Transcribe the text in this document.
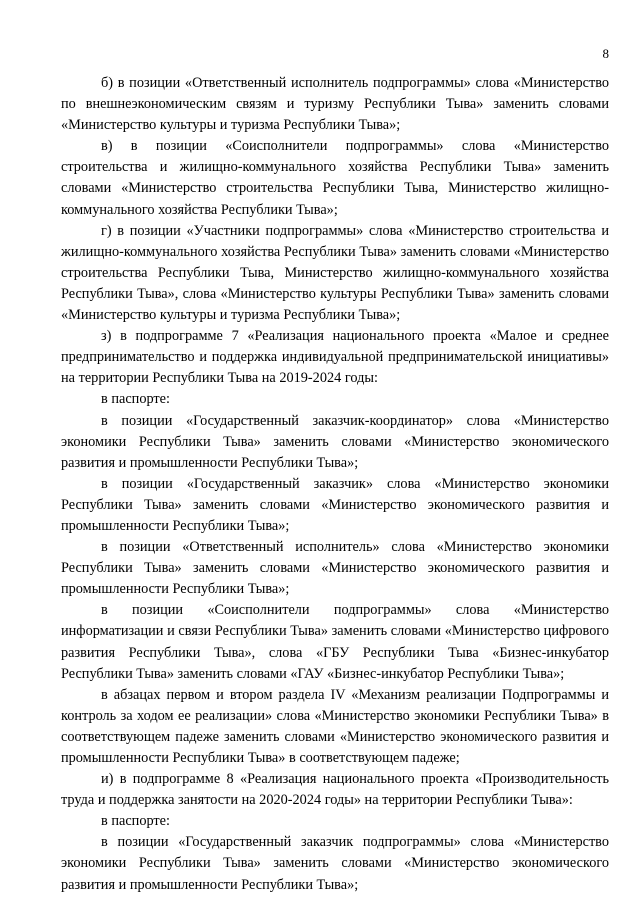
8

б) в позиции «Ответственный исполнитель подпрограммы» слова «Министерство по внешнеэкономическим связям и туризму Республики Тыва» заменить словами «Министерство культуры и туризма Республики Тыва»;

в) в позиции «Соисполнители подпрограммы» слова «Министерство строительства и жилищно-коммунального хозяйства Республики Тыва» заменить словами «Министерство строительства Республики Тыва, Министерство жилищно-коммунального хозяйства Республики Тыва»;

г) в позиции «Участники подпрограммы» слова «Министерство строительства и жилищно-коммунального хозяйства Республики Тыва» заменить словами «Министерство строительства Республики Тыва, Министерство жилищно-коммунального хозяйства Республики Тыва», слова «Министерство культуры Республики Тыва» заменить словами «Министерство культуры и туризма Республики Тыва»;

з) в подпрограмме 7 «Реализация национального проекта «Малое и среднее предпринимательство и поддержка индивидуальной предпринимательской инициативы» на территории Республики Тыва на 2019-2024 годы:

в паспорте:

в позиции «Государственный заказчик-координатор» слова «Министерство экономики Республики Тыва» заменить словами «Министерство экономического развития и промышленности Республики Тыва»;

в позиции «Государственный заказчик» слова «Министерство экономики Республики Тыва» заменить словами «Министерство экономического развития и промышленности Республики Тыва»;

в позиции «Ответственный исполнитель» слова «Министерство экономики Республики Тыва» заменить словами «Министерство экономического развития и промышленности Республики Тыва»;

в позиции «Соисполнители подпрограммы» слова «Министерство информатизации и связи Республики Тыва» заменить словами «Министерство цифрового развития Республики Тыва», слова «ГБУ Республики Тыва «Бизнес-инкубатор Республики Тыва» заменить словами «ГАУ «Бизнес-инкубатор Республики Тыва»;

в абзацах первом и втором раздела IV «Механизм реализации Подпрограммы и контроль за ходом ее реализации» слова «Министерство экономики Республики Тыва» в соответствующем падеже заменить словами «Министерство экономического развития и промышленности Республики Тыва» в соответствующем падеже;

и) в подпрограмме 8 «Реализация национального проекта «Производительность труда и поддержка занятости на 2020-2024 годы» на территории Республики Тыва»:

в паспорте:

в позиции «Государственный заказчик подпрограммы» слова «Министерство экономики Республики Тыва» заменить словами «Министерство экономического развития и промышленности Республики Тыва»;
